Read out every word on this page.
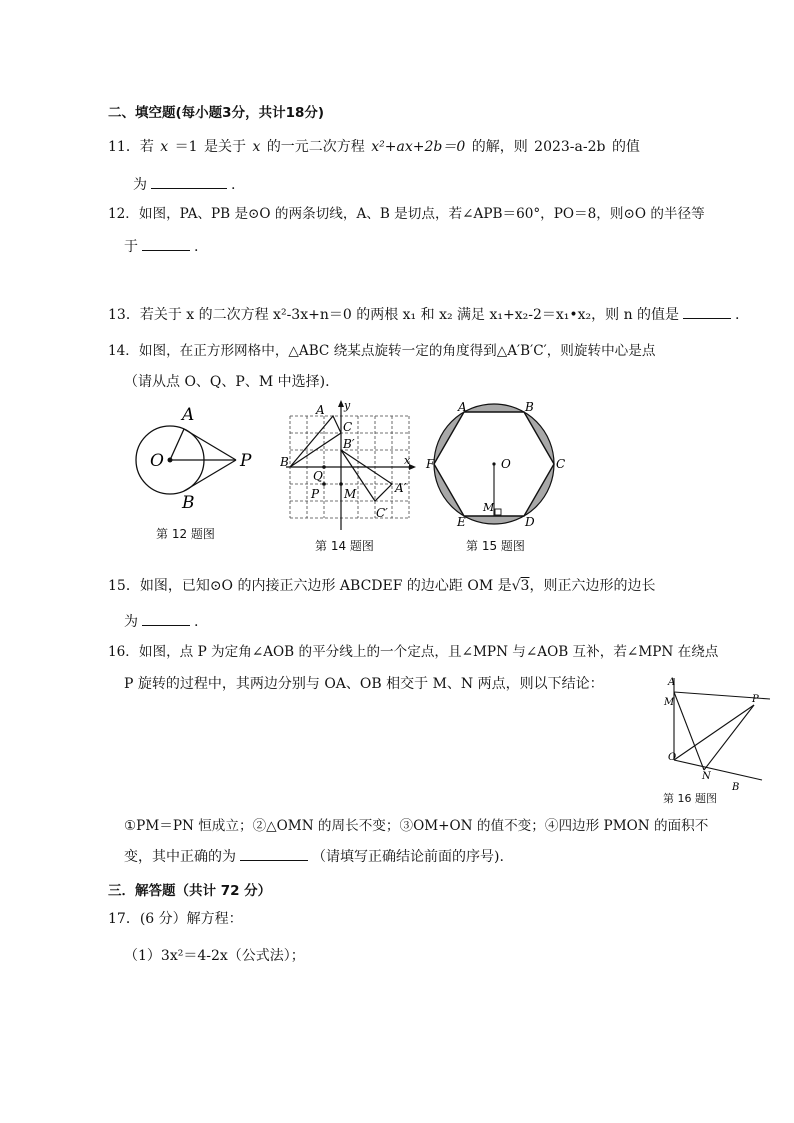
二、填空题(每小题3分，共计18分)
11．若 x ＝1 是关于 x 的一元二次方程 x²+ax+2b＝0 的解，则 2023-a-2b 的值
为	.
12．如图，PA、PB 是⊙O 的两条切线，A、B 是切点，若∠APB＝60°，PO＝8，则⊙O 的半径等
于	.
13．若关于 x 的二次方程 x²-3x+n＝0 的两根 x₁ 和 x₂ 满足 x₁+x₂-2＝x₁•x₂，则 n 的值是	.
14．如图，在正方形网格中，△ABC 绕某点旋转一定的角度得到△A′B′C′，则旋转中心是点
（请从点 O、Q、P、M 中选择).
A
O	P
B
第 12 题图
A y
C
B′
B	x
Q
P M	A′
C′
第 14 题图
A	B
C
D
E
F	O
M
第 15 题图
15．如图，已知⊙O 的内接正六边形 ABCDEF 的边心距 OM 是√3，则正六边形的边长
为	.
16．如图，点 P 为定角∠AOB 的平分线上的一个定点，且∠MPN 与∠AOB 互补，若∠MPN 在绕点
P 旋转的过程中，其两边分别与 OA、OB 相交于 M、N 两点，则以下结论：	A
M	P
O
N
B
第 16 题图
①PM＝PN 恒成立；②△OMN 的周长不变；③OM+ON 的值不变；④四边形 PMON 的面积不
变，其中正确的为	（请填写正确结论前面的序号).
三．解答题（共计 72 分）
17．(6 分）解方程：
（1）3x²＝4-2x（公式法）；
